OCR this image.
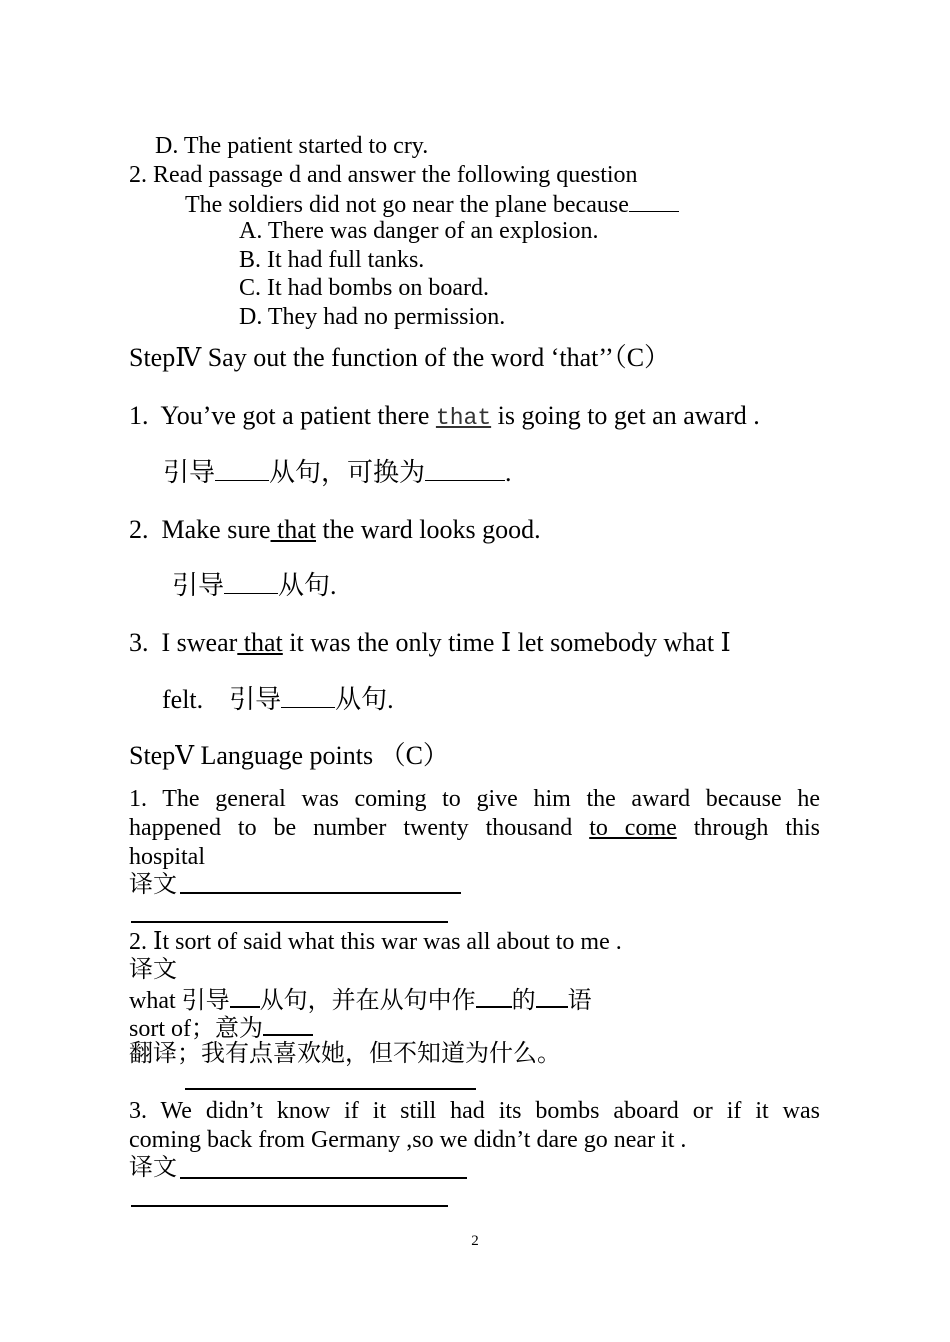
D. The patient started to cry.
2. Read passage d and answer the following question
The soldiers did not go near the plane because
A. There was danger of an explosion.
B. It had full tanks.
C. It had bombs on board.
D. They had no permission.
StepⅣ Say out the function of the word ‘that’’（C）
1. You’ve got a patient there that is going to get an award .
引导 从句，可换为	.
2. Make sure that the ward looks good.
引导 从句.
3. I swear that it was the only time Ⅰ let somebody what Ⅰ
felt. 引导 从句.
StepⅤ Language points （C）
1. The general was coming to give him the award because he
happened to be number twenty thousand to come through this
hospital
译文
2. Ⅰt sort of said what this war was all about to me .
译文
what 引导 从句，并在从句中作 的 语
sort of；意为
翻译；我有点喜欢她，但不知道为什么。
3. We didn’t know if it still had its bombs aboard or if it was
coming back from Germany ,so we didn’t dare go near it .
译文
2
